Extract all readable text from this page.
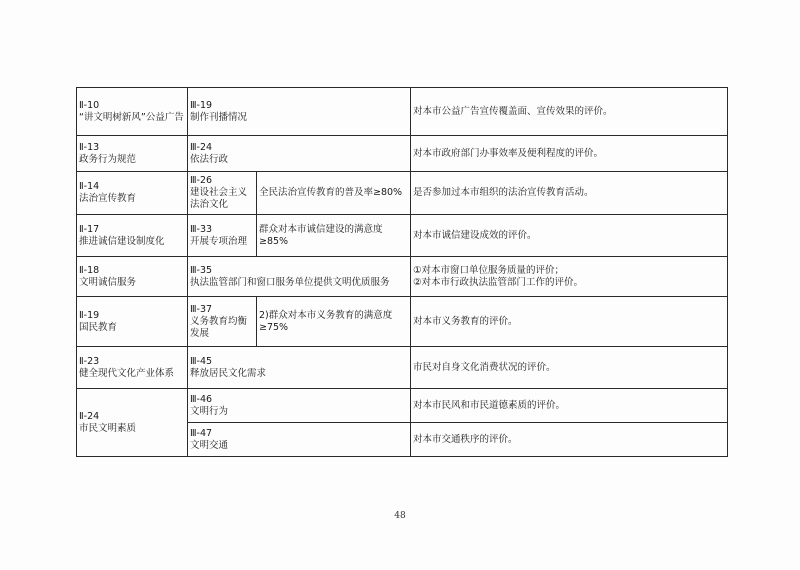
Ⅱ-10
“讲文明树新风”公益广告	Ⅲ-19
制作刊播情况		对本市公益广告宣传覆盖面、宣传效果的评价。

Ⅱ-13
政务行为规范	Ⅲ-24
依法行政		对本市政府部门办事效率及便利程度的评价。

Ⅱ-14
法治宣传教育	Ⅲ-26
建设社会主义法治文化	全民法治宣传教育的普及率≥80%	是否参加过本市组织的法治宣传教育活动。

Ⅱ-17
推进诚信建设制度化	Ⅲ-33
开展专项治理	群众对本市诚信建设的满意度≥85%	对本市诚信建设成效的评价。

Ⅱ-18
文明诚信服务	Ⅲ-35
执法监管部门和窗口服务单位提供文明优质服务		①对本市窗口单位服务质量的评价；
②对本市行政执法监管部门工作的评价。

Ⅱ-19
国民教育	Ⅲ-37
义务教育均衡发展	2)群众对本市义务教育的满意度≥75%	对本市义务教育的评价。

Ⅱ-23
健全现代文化产业体系	Ⅲ-45
释放居民文化需求		市民对自身文化消费状况的评价。

Ⅱ-24
市民文明素质	Ⅲ-46
文明行为		对本市民风和市民道德素质的评价。

	Ⅲ-47
文明交通		对本市交通秩序的评价。
48
